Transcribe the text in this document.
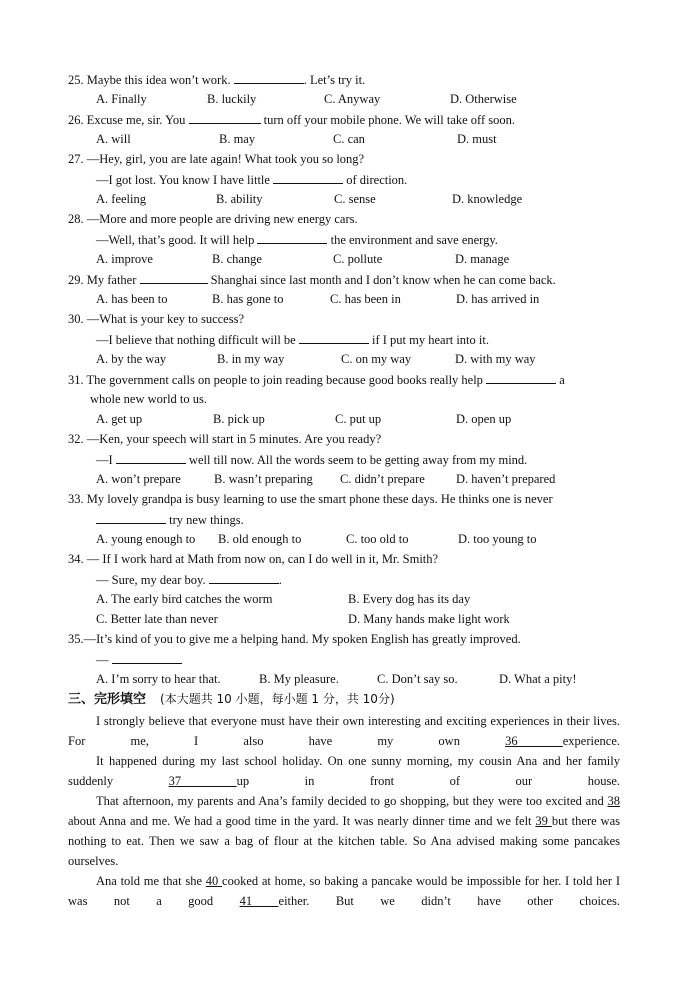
25. Maybe this idea won’t work.	. Let’s try it.
A. Finally	B. luckily	C. Anyway	D. Otherwise
26. Excuse me, sir. You	turn off your mobile phone. We will take off soon.
A. will	B. may	C. can	D. must
27. —Hey, girl, you are late again! What took you so long?
—I got lost. You know I have little	of direction.
A. feeling	B. ability	C. sense	D. knowledge
28. —More and more people are driving new energy cars.
—Well, that’s good. It will help	the environment and save energy.
A. improve	B. change	C. pollute	D. manage
29. My father	Shanghai since last month and I don’t know when he can come back.
A. has been to	B. has gone to	C. has been in	D. has arrived in
30. —What is your key to success?
—I believe that nothing difficult will be	if I put my heart into it.
A. by the way	B. in my way	C. on my way	D. with my way
31. The government calls on people to join reading because good books really help	a
whole new world to us.
A. get up	B. pick up	C. put up	D. open up
32. —Ken, your speech will start in 5 minutes. Are you ready?
—I	well till now. All the words seem to be getting away from my mind.
A. won’t prepare	B. wasn’t preparing C. didn’t prepare D. haven’t prepared
33. My lovely grandpa is busy learning to use the smart phone these days. He thinks one is never
try new things.
A. young enough to B. old enough to	C. too old to	D. too young to
34. — If I work hard at Math from now on, can I do well in it, Mr. Smith?
— Sure, my dear boy.	.
A. The early bird catches the worm	B. Every dog has its day
C. Better late than never	D. Many hands make light work
35.—It’s kind of you to give me a helping hand. My spoken English has greatly improved.
—
A. I’m sorry to hear that.	B. My pleasure.	C. Don’t say so.	D. What a pity!
三、完形填空 (本大题共 10 小题，每小题 1 分，共 10分)
I strongly believe that everyone must have their own interesting and exciting experiences in their lives. For me, I also have my own 36 experience.
It happened during my last school holiday. On one sunny morning, my cousin Ana and her family suddenly 37 up in front of our house.
That afternoon, my parents and Ana’s family decided to go shopping, but they were too excited and 38 about Anna and me. We had a good time in the yard. It was nearly dinner time and we felt 39 but there was nothing to eat. Then we saw a bag of flour at the kitchen table. So Ana advised making some pancakes ourselves.
Ana told me that she 40 cooked at home, so baking a pancake would be impossible for her. I told her I was not a good 41 either. But we didn’t have other choices.
